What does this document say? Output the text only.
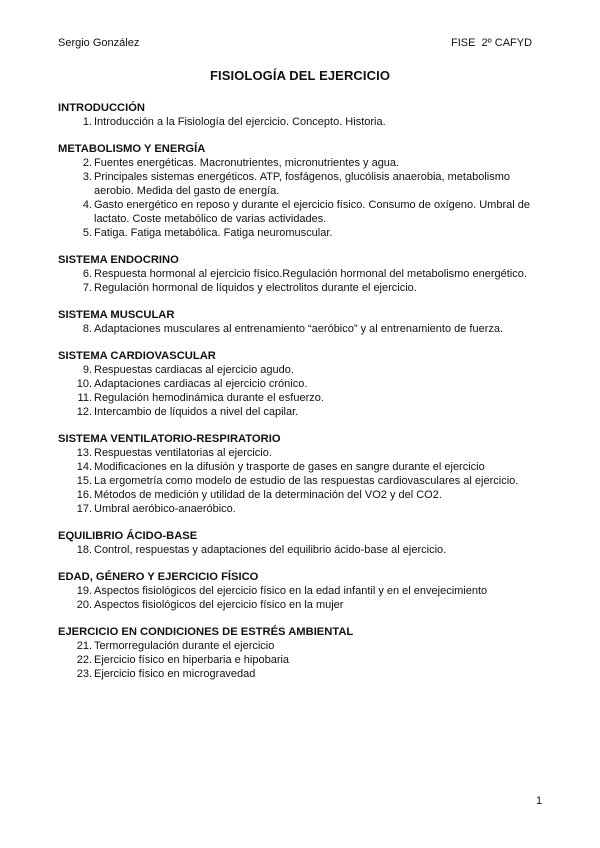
Sergio González	FISE  2º CAFYD
FISIOLOGÍA DEL EJERCICIO
INTRODUCCIÓN
1. Introducción a la Fisiología del ejercicio. Concepto. Historia.
METABOLISMO Y ENERGÍA
2. Fuentes energéticas. Macronutrientes, micronutrientes y agua.
3. Principales sistemas energéticos. ATP, fosfágenos, glucólisis anaerobia, metabolismo aerobio. Medida del gasto de energía.
4. Gasto energético en reposo y durante el ejercicio físico. Consumo de oxígeno. Umbral de lactato. Coste metabólico de varias actividades.
5. Fatiga. Fatiga metabólica. Fatiga neuromuscular.
SISTEMA ENDOCRINO
6. Respuesta hormonal al ejercicio físico.Regulación hormonal del metabolismo energético.
7. Regulación hormonal de líquidos y electrolitos durante el ejercicio.
SISTEMA MUSCULAR
8. Adaptaciones musculares al entrenamiento “aeróbico” y al entrenamiento de fuerza.
SISTEMA CARDIOVASCULAR
9. Respuestas cardiacas al ejercicio agudo.
10. Adaptaciones cardiacas al ejercicio crónico.
11. Regulación hemodinámica durante el esfuerzo.
12. Intercambio de líquidos a nivel del capilar.
SISTEMA VENTILATORIO-RESPIRATORIO
13. Respuestas ventilatorias al ejercicio.
14. Modificaciones en la difusión y trasporte de gases en sangre durante el ejercicio
15. La ergometría como modelo de estudio de las respuestas cardiovasculares al ejercicio.
16. Métodos de medición y utilidad de la determinación del VO2 y del CO2.
17. Umbral aeróbico-anaeróbico.
EQUILIBRIO ÁCIDO-BASE
18. Control, respuestas y adaptaciones del equilibrio ácido-base al ejercicio.
EDAD, GÉNERO Y EJERCICIO FÍSICO
19. Aspectos fisiológicos del ejercicio físico en la edad infantil y en el envejecimiento
20. Aspectos fisiológicos del ejercicio físico en la mujer
EJERCICIO EN CONDICIONES DE ESTRÉS AMBIENTAL
21. Termorregulación durante el ejercicio
22. Ejercicio físico en hiperbaria e hipobaria
23. Ejercicio físico en microgravedad
1
